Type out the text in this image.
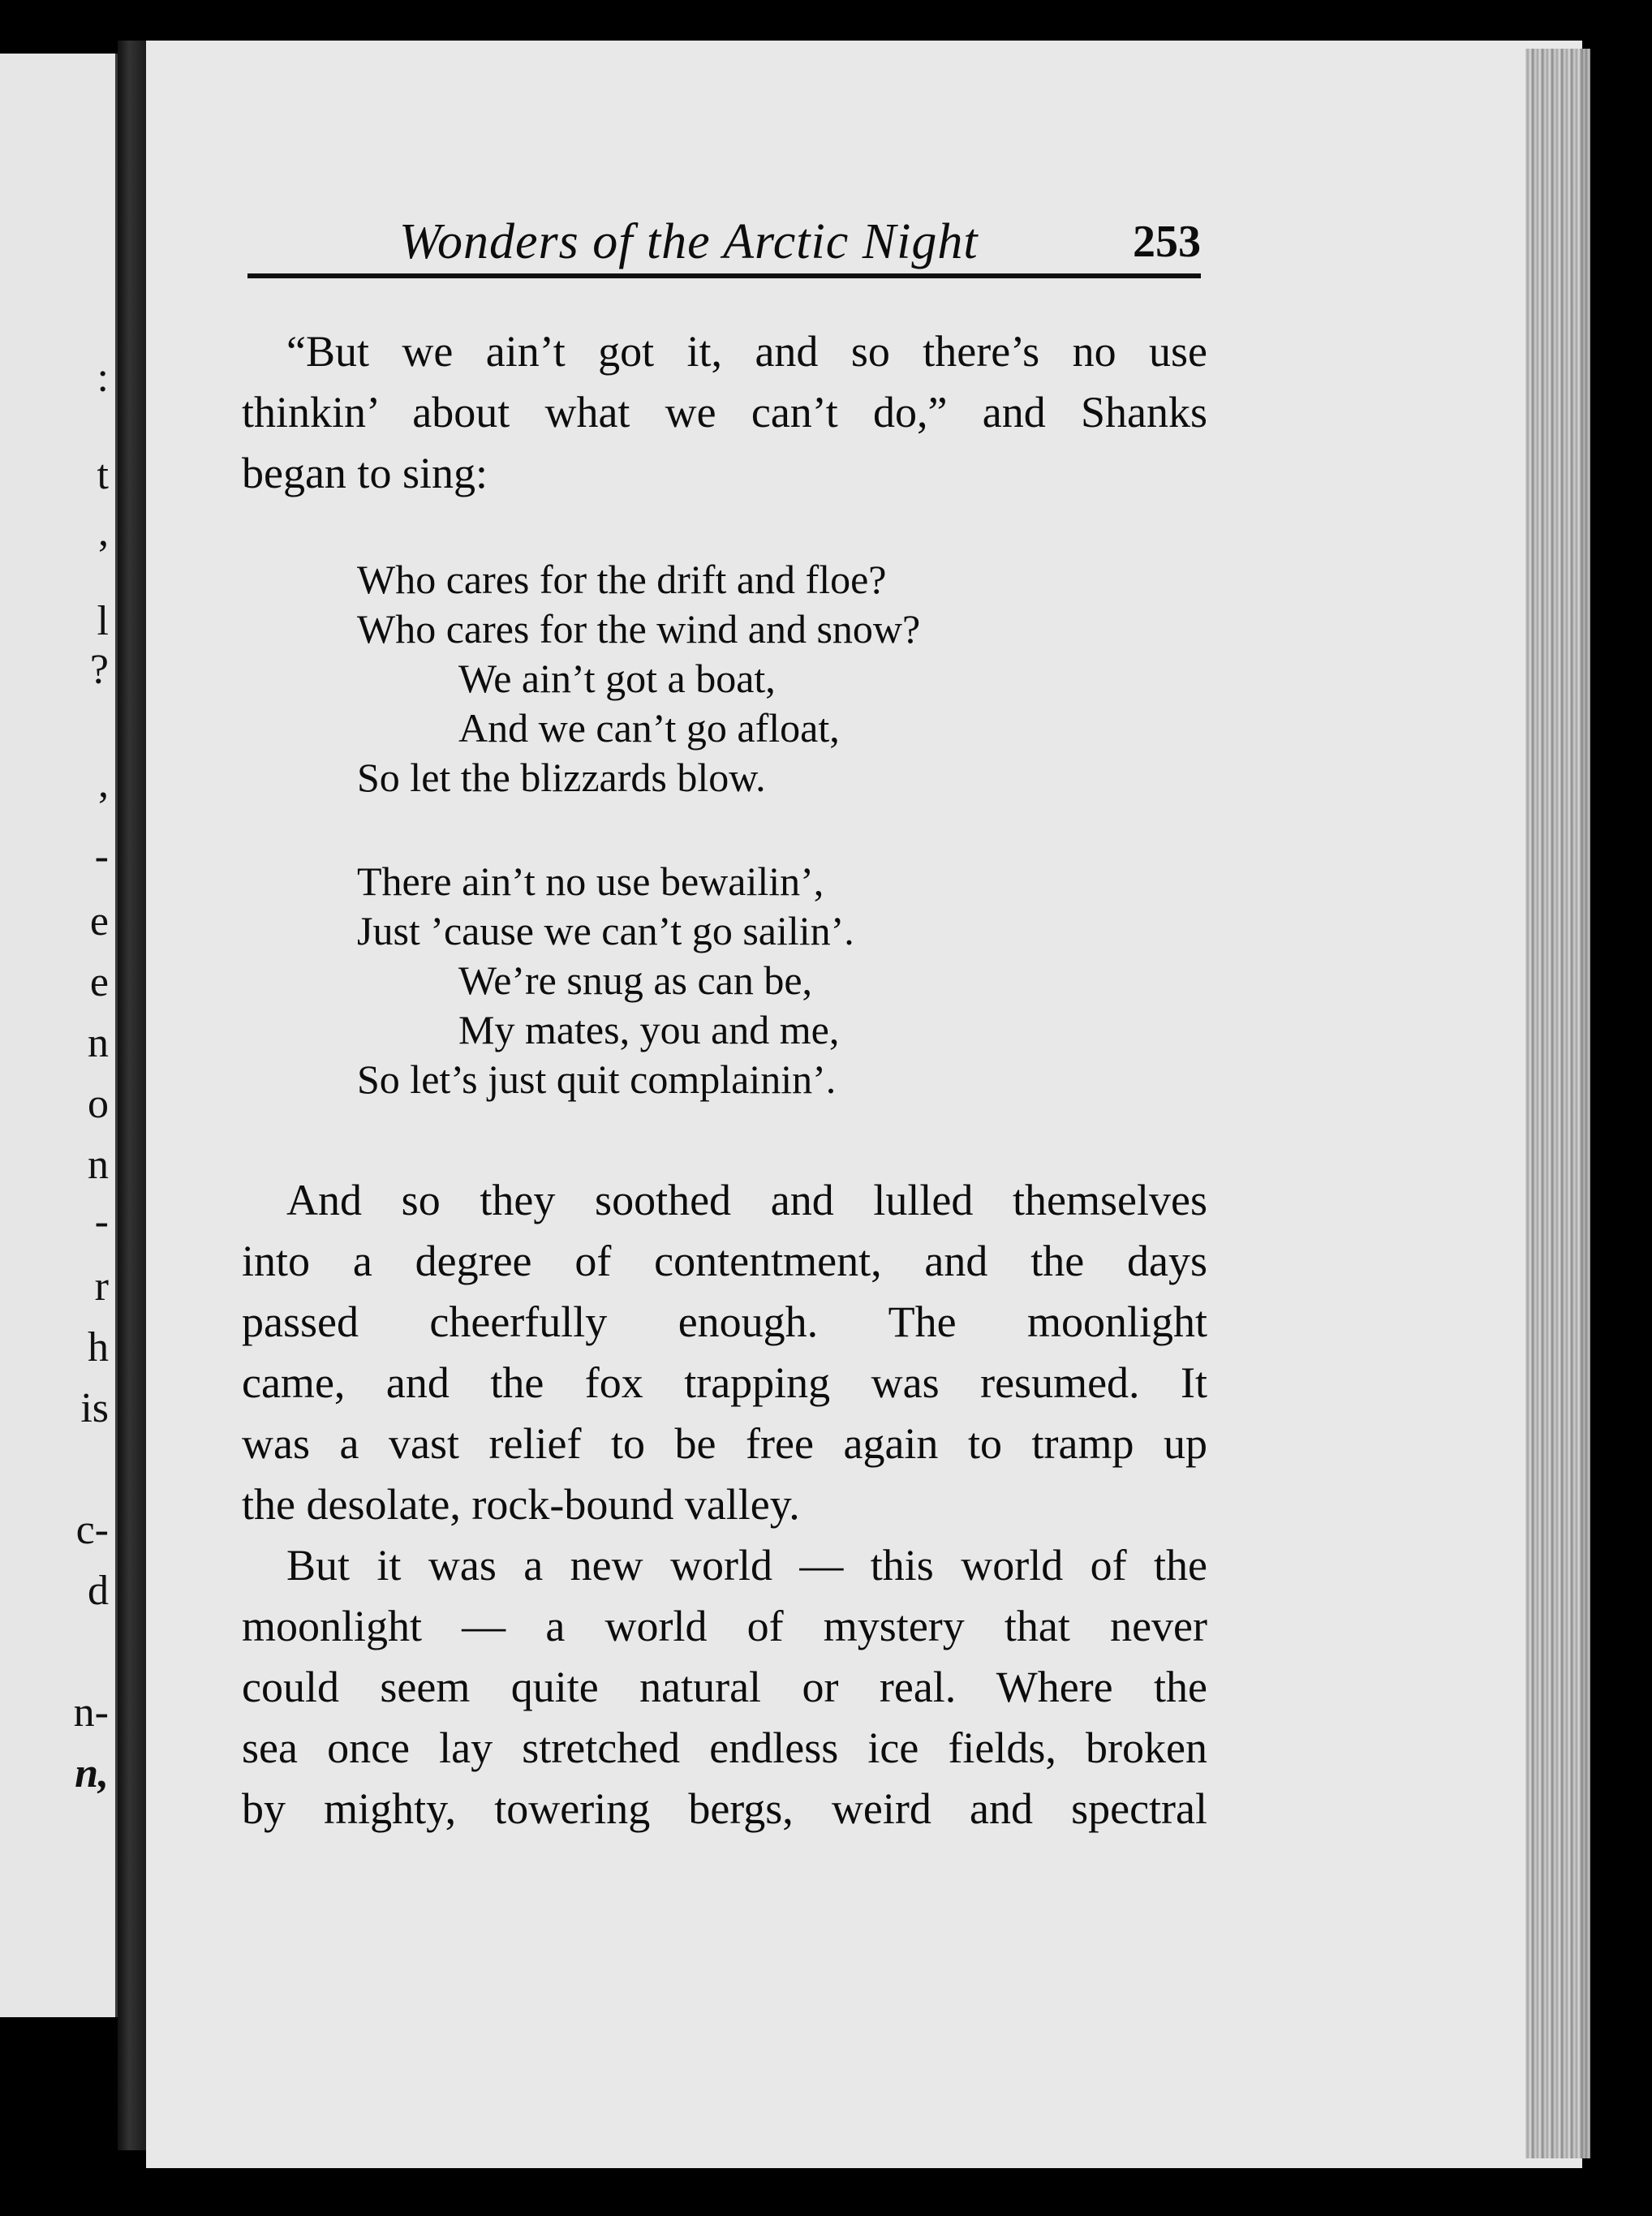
:
t
,
l
?
,
-
e
e
n
o
n
-
r
h
is
c-
d
n-
n,
Wonders of the Arctic Night	253
“But we ain’t got it, and so there’s no use
thinkin’ about what we can’t do,” and Shanks
began to sing:
Who cares for the drift and floe?
Who cares for the wind and snow?
We ain’t got a boat,
And we can’t go afloat,
So let the blizzards blow.
There ain’t no use bewailin’,
Just ’cause we can’t go sailin’.
We’re snug as can be,
My mates, you and me,
So let’s just quit complainin’.
And so they soothed and lulled themselves
into a degree of contentment, and the days
passed cheerfully enough. The moonlight
came, and the fox trapping was resumed. It
was a vast relief to be free again to tramp up
the desolate, rock-bound valley.
But it was a new world — this world of the
moonlight — a world of mystery that never
could seem quite natural or real. Where the
sea once lay stretched endless ice fields, broken
by mighty, towering bergs, weird and spectral
